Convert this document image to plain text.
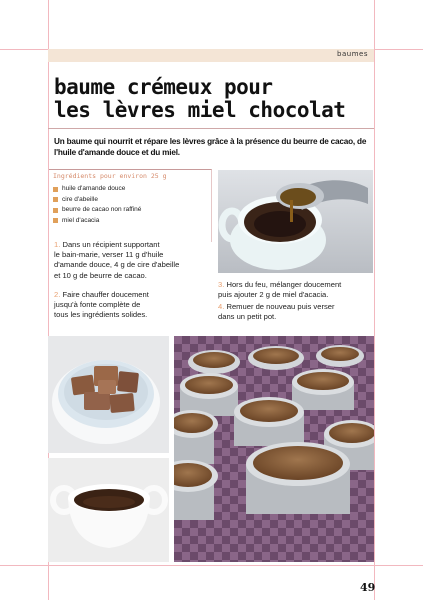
baumes
baume crémeux pour
les lèvres miel chocolat

Un baume qui nourrit et répare les lèvres grâce à la présence du beurre de cacao, de l'huile d'amande douce et du miel.

Ingrédients pour environ 25 g
huile d'amande douce
cire d'abeille
beurre de cacao non raffiné
miel d'acacia

1. Dans un récipient supportant
le bain-marie, verser 11 g d'huile
d'amande douce, 4 g de cire d'abeille
et 10 g de beurre de cacao.

2. Faire chauffer doucement
jusqu'à fonte complète de
tous les ingrédients solides.

3. Hors du feu, mélanger doucement
puis ajouter 2 g de miel d'acacia.

4. Remuer de nouveau puis verser
dans un petit pot.

49
